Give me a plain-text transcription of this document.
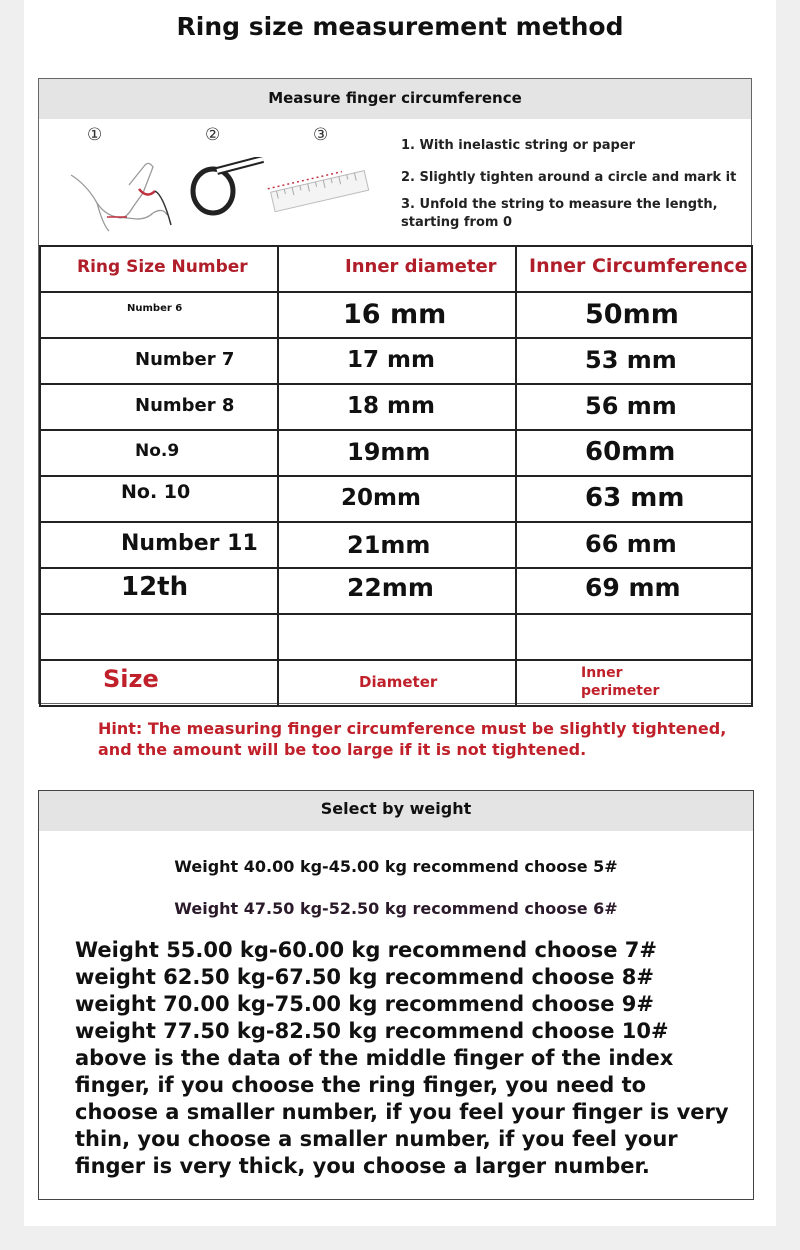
Ring size measurement method
Measure finger circumference
①	②	③
1. With inelastic string or paper
2. Slightly tighten around a circle and mark it
3. Unfold the string to measure the length, starting from 0
Ring Size Number	Inner diameter	Inner Circumference

Number 6	16 mm	50mm

Number 7	17 mm	53 mm

Number 8	18 mm	56 mm

No.9	19mm	60mm

No. 10	20mm	63 mm

Number 11	21mm	66 mm

12th	22mm	69 mm

Size	Diameter	Inner perimeter
Hint: The measuring finger circumference must be slightly tightened, and the amount will be too large if it is not tightened.
Select by weight
Weight 40.00 kg-45.00 kg recommend choose 5#
Weight 47.50 kg-52.50 kg recommend choose 6#
Weight 55.00 kg-60.00 kg recommend choose 7# weight 62.50 kg-67.50 kg recommend choose 8# weight 70.00 kg-75.00 kg recommend choose 9# weight 77.50 kg-82.50 kg recommend choose 10# above is the data of the middle finger of the index finger, if you choose the ring finger, you need to choose a smaller number, if you feel your finger is very thin, you choose a smaller number, if you feel your finger is very thick, you choose a larger number.
